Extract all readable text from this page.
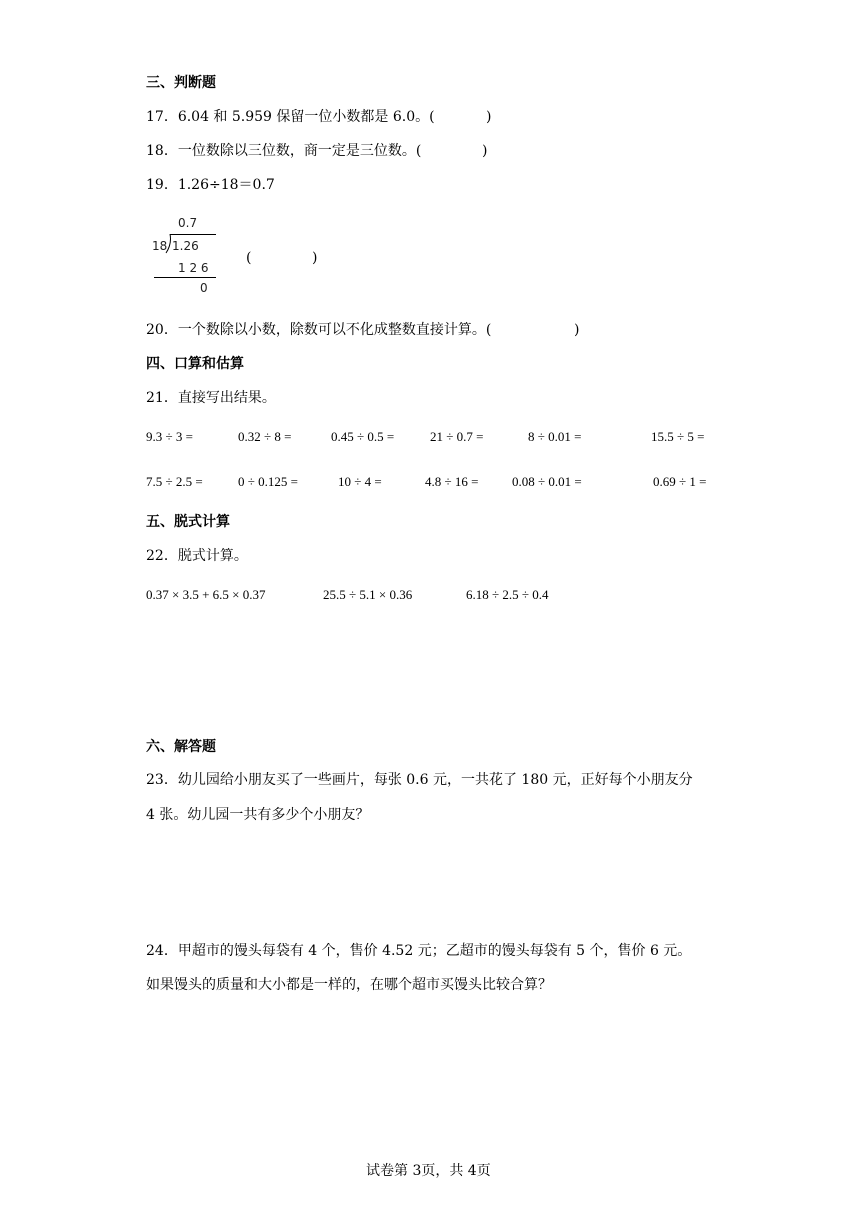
三、判断题
17．6.04 和 5.959 保留一位小数都是 6.0。(	)
18．一位数除以三位数，商一定是三位数。(	)
19．1.26÷18＝0.7
0.7
18 1.26
1 2 6
0
(	)
20．一个数除以小数，除数可以不化成整数直接计算。(	)
四、口算和估算
21．直接写出结果。
9.3 ÷ 3 =	0.32 ÷ 8 =	0.45 ÷ 0.5 =	21 ÷ 0.7 =	8 ÷ 0.01 =	15.5 ÷ 5 =
7.5 ÷ 2.5 =	0 ÷ 0.125 =	10 ÷ 4 =	4.8 ÷ 16 =	0.08 ÷ 0.01 =	0.69 ÷ 1 =
五、脱式计算
22．脱式计算。
0.37 × 3.5 + 6.5 × 0.37	25.5 ÷ 5.1 × 0.36	6.18 ÷ 2.5 ÷ 0.4
六、解答题
23．幼儿园给小朋友买了一些画片，每张 0.6 元，一共花了 180 元，正好每个小朋友分
4 张。幼儿园一共有多少个小朋友？
24．甲超市的馒头每袋有 4 个，售价 4.52 元；乙超市的馒头每袋有 5 个，售价 6 元。
如果馒头的质量和大小都是一样的，在哪个超市买馒头比较合算？
试卷第 3页，共 4页
